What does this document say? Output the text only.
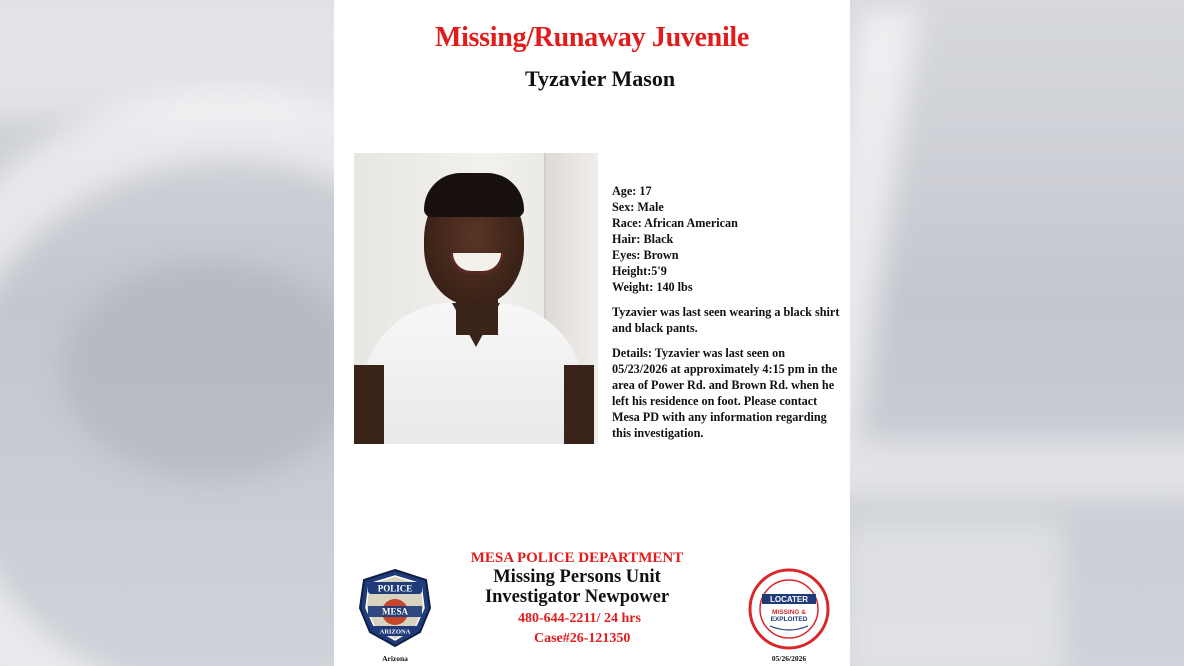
Missing/Runaway Juvenile
Tyzavier Mason
Age: 17
Sex: Male
Race: African American
Hair: Black
Eyes: Brown
Height:5'9
Weight: 140 lbs

Tyzavier was last seen wearing a black shirt and black pants.

Details: Tyzavier was last seen on 05/23/2026 at approximately 4:15 pm in the area of Power Rd. and Brown Rd. when he left his residence on foot. Please contact Mesa PD with any information regarding this investigation.

MESA POLICE DEPARTMENT
Missing Persons Unit
Investigator Newpower
480-644-2211/ 24 hrs
Case#26-121350
POLICE
MESA
ARIZONA
Arizona
LOCATER
MISSING &
EXPLOITED
05/26/2026
